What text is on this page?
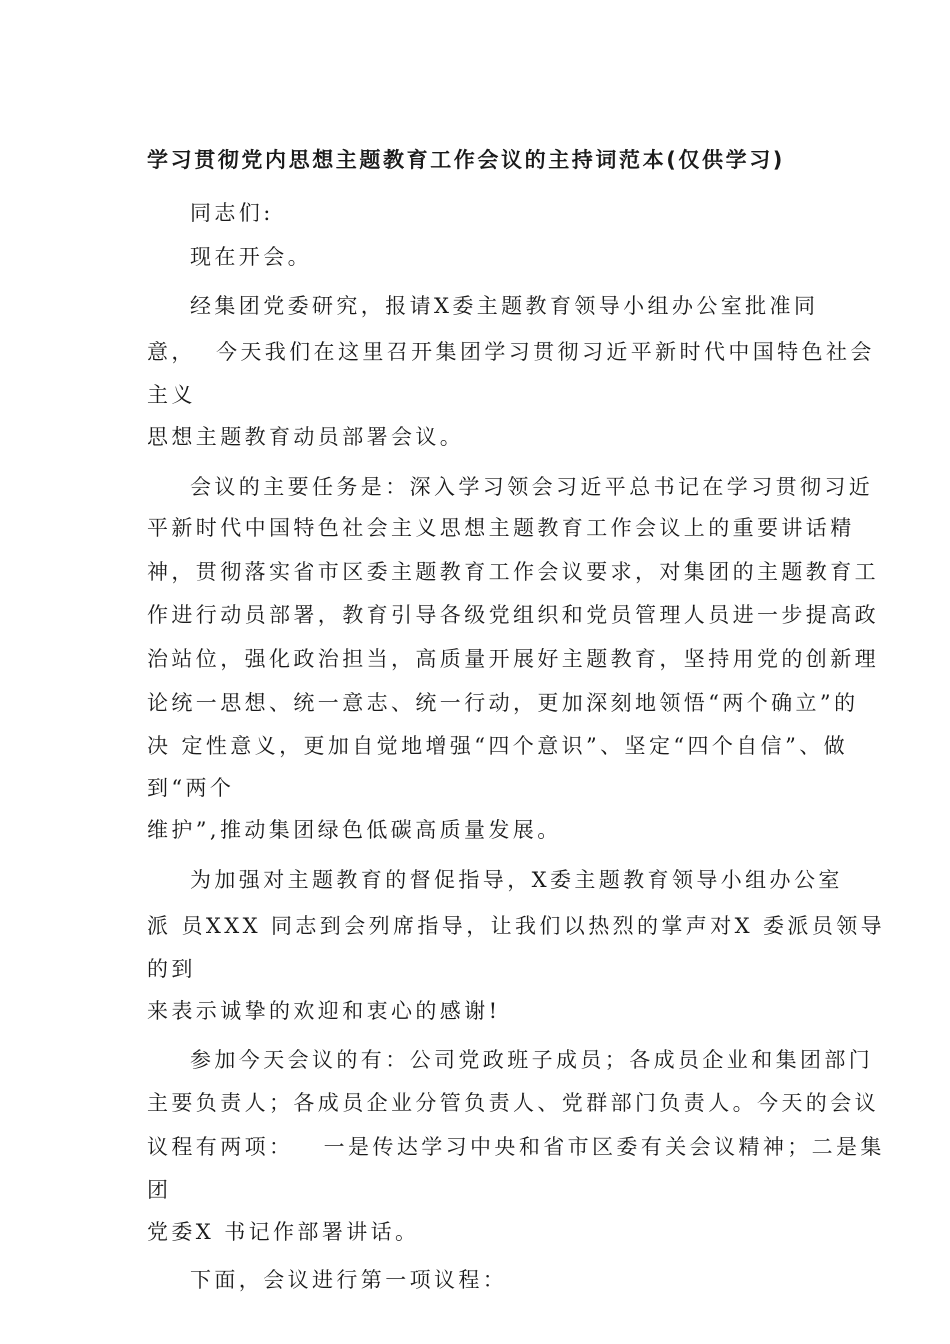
学习贯彻党内思想主题教育工作会议的主持词范本(仅供学习)
同志们:
现在开会。
经集团党委研究，报请X委主题教育领导小组办公室批准同
意，  今天我们在这里召开集团学习贯彻习近平新时代中国特色社会
主义
思想主题教育动员部署会议。
会议的主要任务是：深入学习领会习近平总书记在学习贯彻习近
平新时代中国特色社会主义思想主题教育工作会议上的重要讲话精
神，贯彻落实省市区委主题教育工作会议要求，对集团的主题教育工
作进行动员部署，教育引导各级党组织和党员管理人员进一步提高政
治站位，强化政治担当，高质量开展好主题教育，坚持用党的创新理
论统一思想、统一意志、统一行动，更加深刻地领悟“两个确立”的
决 定性意义，更加自觉地增强“四个意识”、坚定“四个自信”、做
到“两个
维护”,推动集团绿色低碳高质量发展。
为加强对主题教育的督促指导，X委主题教育领导小组办公室
派 员XXX 同志到会列席指导，让我们以热烈的掌声对X 委派员领导
的到
来表示诚挚的欢迎和衷心的感谢!
参加今天会议的有：公司党政班子成员；各成员企业和集团部门
主要负责人；各成员企业分管负责人、党群部门负责人。今天的会议
议程有两项：   一是传达学习中央和省市区委有关会议精神；二是集
团
党委X 书记作部署讲话。
下面，会议进行第一项议程：
